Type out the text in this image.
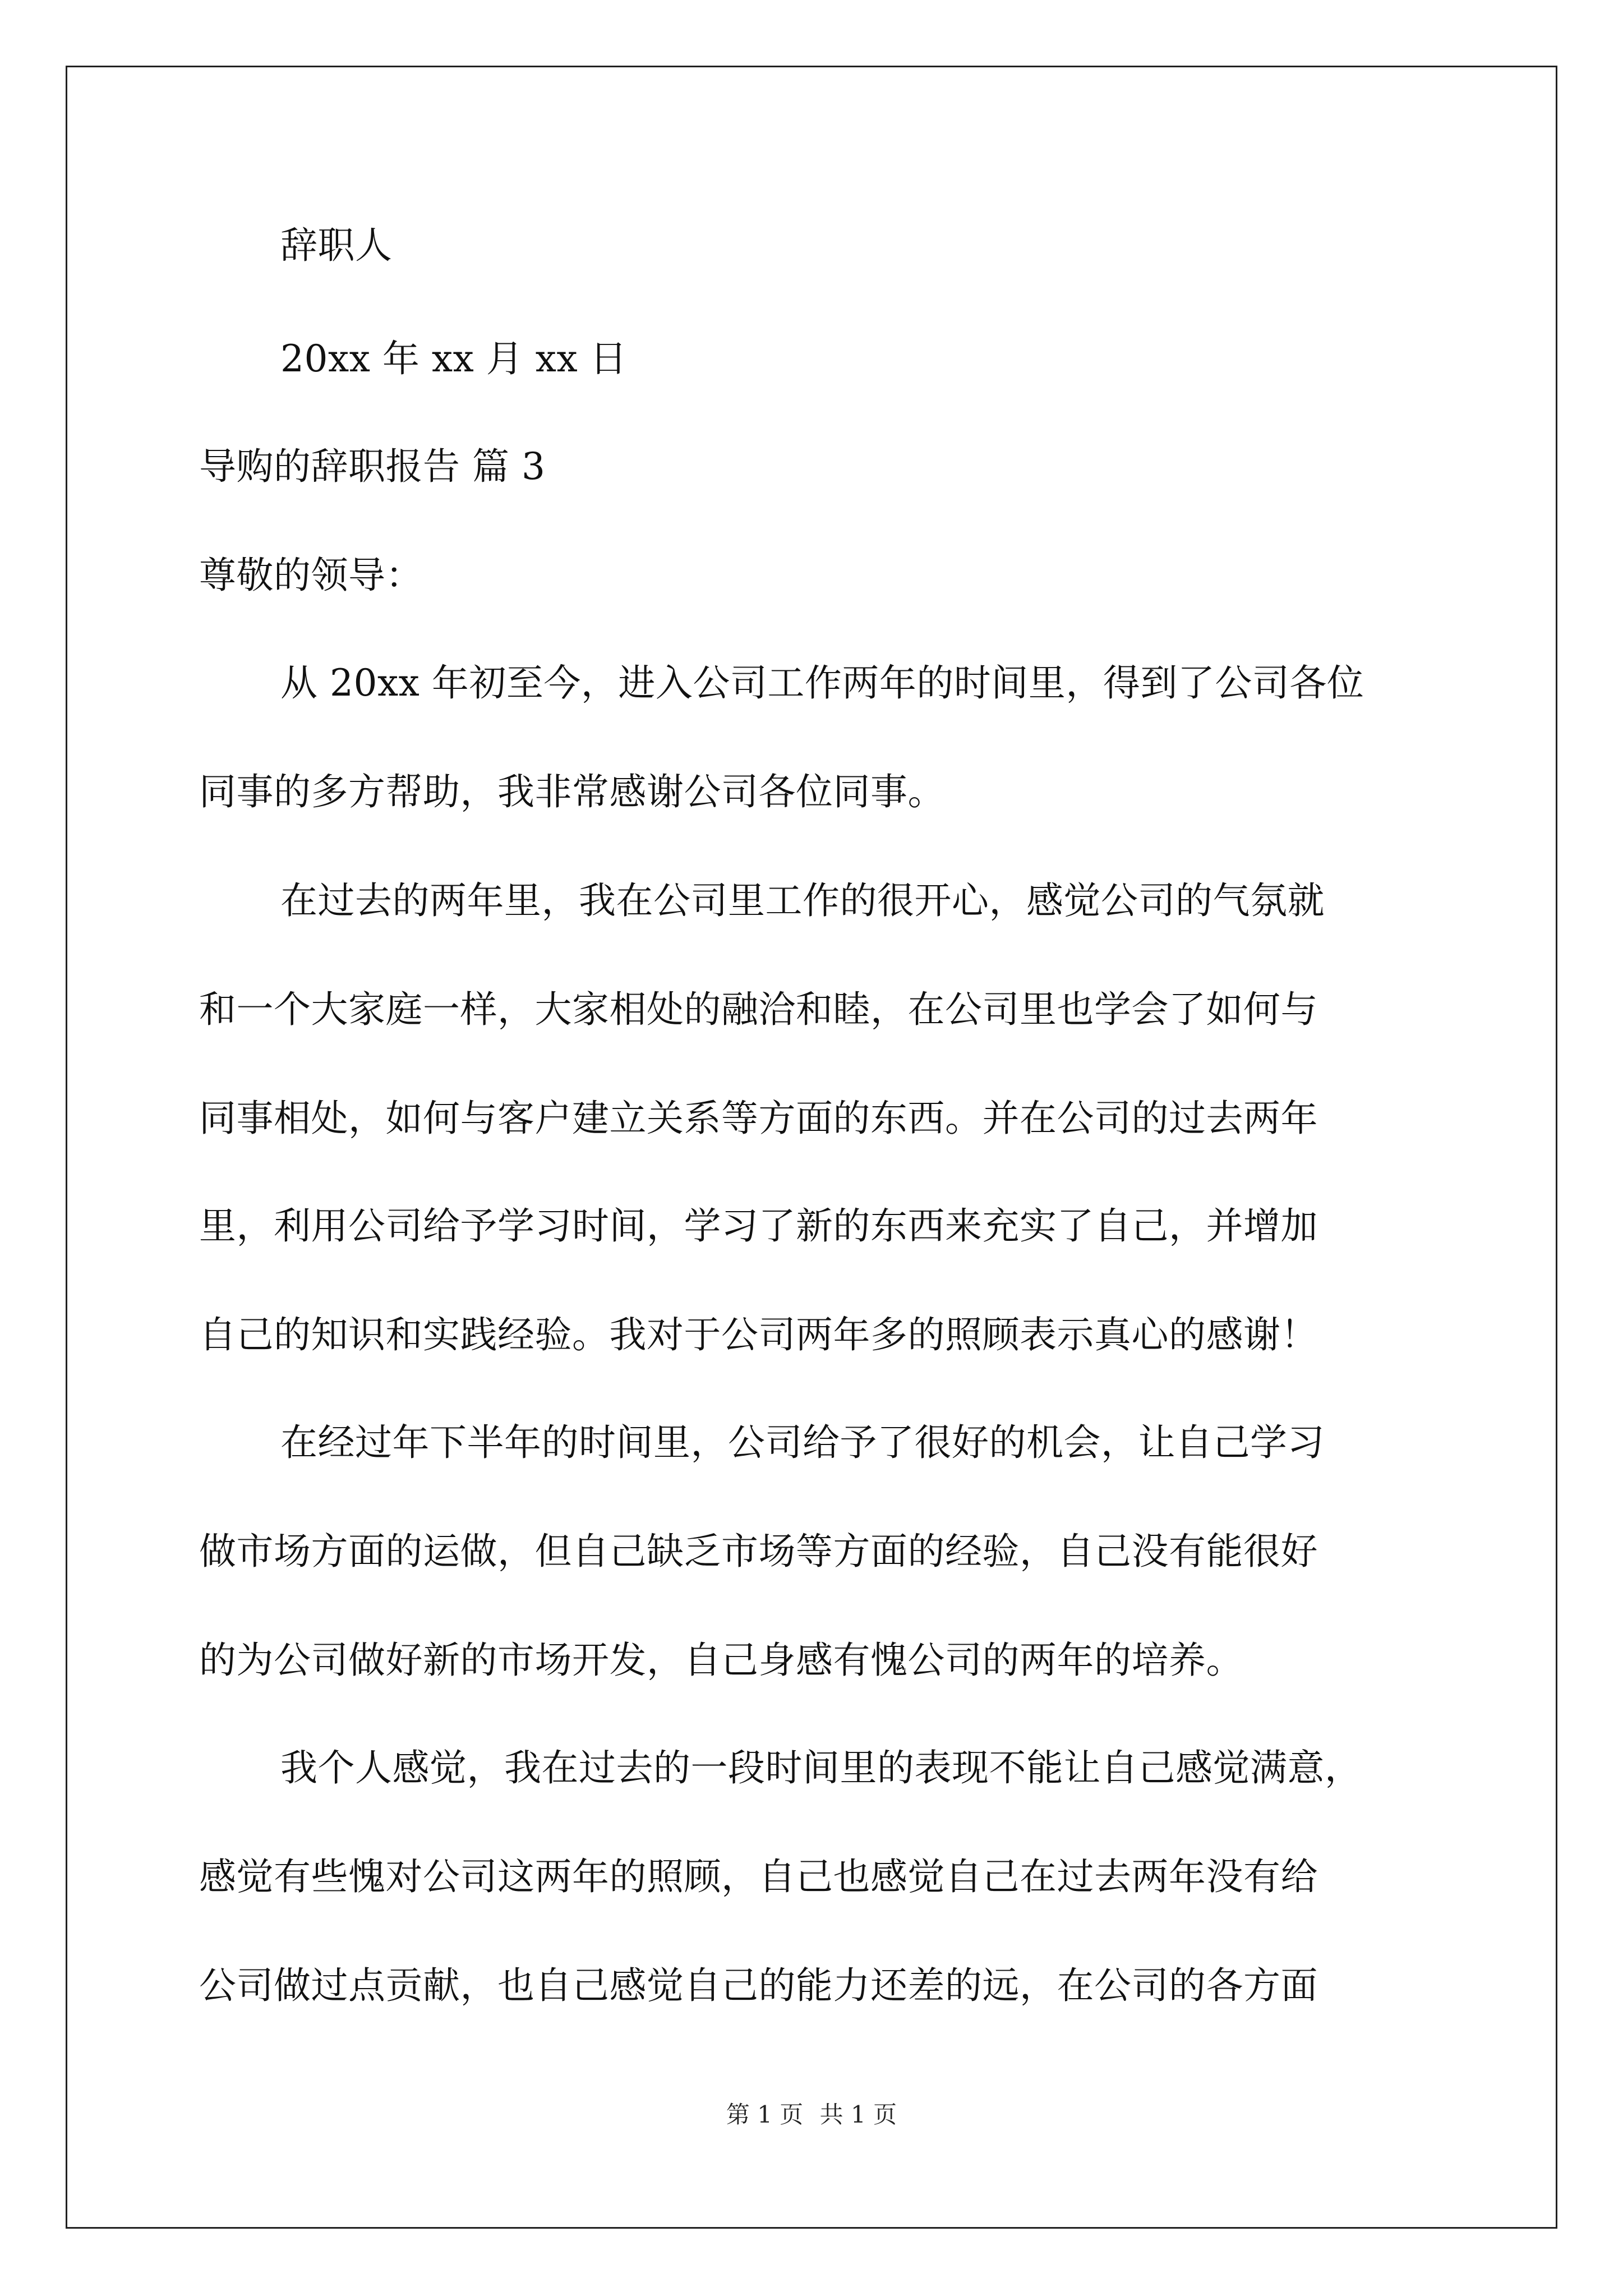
辞职人
20xx 年 xx 月 xx 日
导购的辞职报告 篇 3
尊敬的领导：
从 20xx 年初至今，进入公司工作两年的时间里，得到了公司各位
同事的多方帮助，我非常感谢公司各位同事。
在过去的两年里，我在公司里工作的很开心，感觉公司的气氛就
和一个大家庭一样，大家相处的融洽和睦，在公司里也学会了如何与
同事相处，如何与客户建立关系等方面的东西。并在公司的过去两年
里，利用公司给予学习时间，学习了新的东西来充实了自己，并增加
自己的知识和实践经验。我对于公司两年多的照顾表示真心的感谢！
在经过年下半年的时间里，公司给予了很好的机会，让自己学习
做市场方面的运做，但自己缺乏市场等方面的经验，自己没有能很好
的为公司做好新的市场开发，自己身感有愧公司的两年的培养。
我个人感觉，我在过去的一段时间里的表现不能让自己感觉满意，
感觉有些愧对公司这两年的照顾，自己也感觉自己在过去两年没有给
公司做过点贡献，也自己感觉自己的能力还差的远，在公司的各方面
第 1 页 共 1 页
